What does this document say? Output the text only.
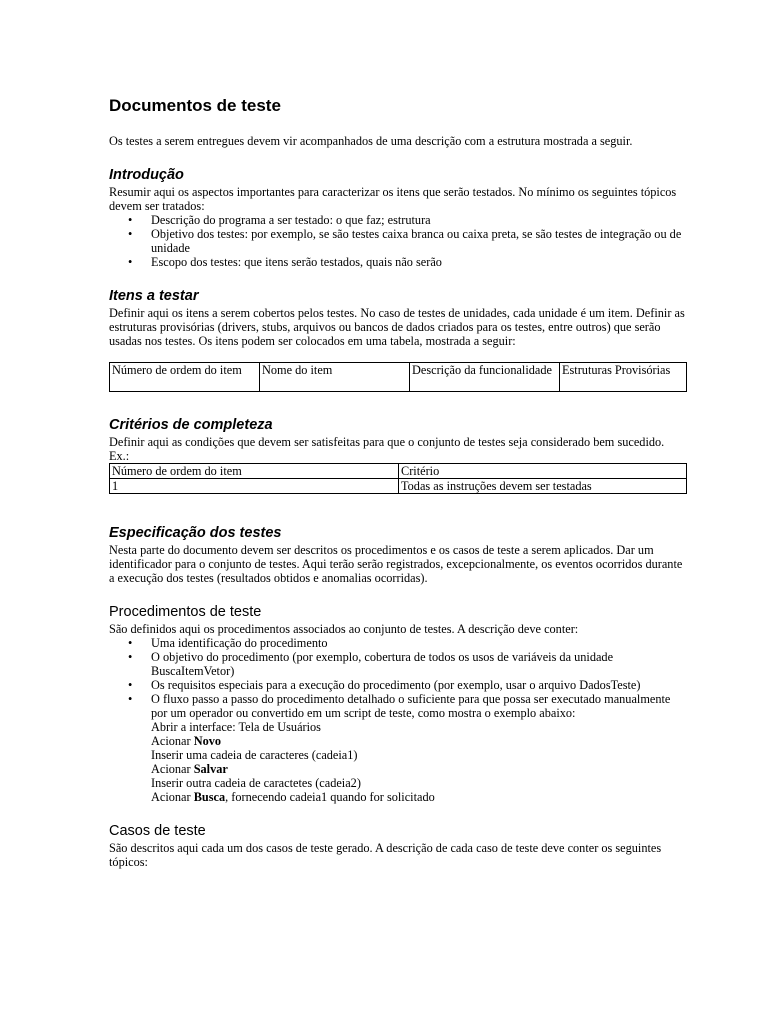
Documentos de teste

Os testes a serem entregues devem vir acompanhados de uma descrição com a estrutura mostrada a seguir.

Introdução

Resumir aqui os aspectos importantes para caracterizar os itens que serão testados. No mínimo os seguintes tópicos devem ser tratados:

• Descrição do programa a ser testado: o que faz; estrutura
• Objetivo dos testes: por exemplo, se são testes caixa branca ou caixa preta, se são testes de integração ou de unidade
• Escopo dos testes: que itens serão testados, quais não serão
Itens a testar

Definir aqui os itens a serem cobertos pelos testes. No caso de testes de unidades, cada unidade é um item. Definir as estruturas provisórias (drivers, stubs, arquivos ou bancos de dados criados para os testes, entre outros) que serão usadas nos testes. Os itens podem ser colocados em uma tabela, mostrada a seguir:

Número de ordem do item	Nome do item	Descrição da funcionalidade	Estruturas Provisórias
Critérios de completeza

Definir aqui as condições que devem ser satisfeitas para que o conjunto de testes seja considerado bem sucedido.

Ex.:

Número de ordem do item	Critério
1	Todas as instruções devem ser testadas
Especificação dos testes

Nesta parte do documento devem ser descritos os procedimentos e os casos de teste a serem aplicados. Dar um identificador para o conjunto de testes. Aqui terão serão registrados, excepcionalmente, os eventos ocorridos durante a execução dos testes (resultados obtidos e anomalias ocorridas).

Procedimentos de teste

São definidos aqui os procedimentos associados ao conjunto de testes. A descrição deve conter:

• Uma identificação do procedimento
• O objetivo do procedimento (por exemplo, cobertura de todos os usos de variáveis da unidade BuscaItemVetor)
• Os requisitos especiais para a execução do procedimento (por exemplo, usar o arquivo DadosTeste)
• O fluxo passo a passo do procedimento detalhado o suficiente para que possa ser executado manualmente por um operador ou convertido em um script de teste, como mostra o exemplo abaixo:
Abrir a interface: Tela de Usuários
Acionar Novo
Inserir uma cadeia de caracteres (cadeia1)
Acionar Salvar
Inserir outra cadeia de caractetes (cadeia2)
Acionar Busca, fornecendo cadeia1 quando for solicitado
Casos de teste

São descritos aqui cada um dos casos de teste gerado. A descrição de cada caso de teste deve conter os seguintes tópicos:
